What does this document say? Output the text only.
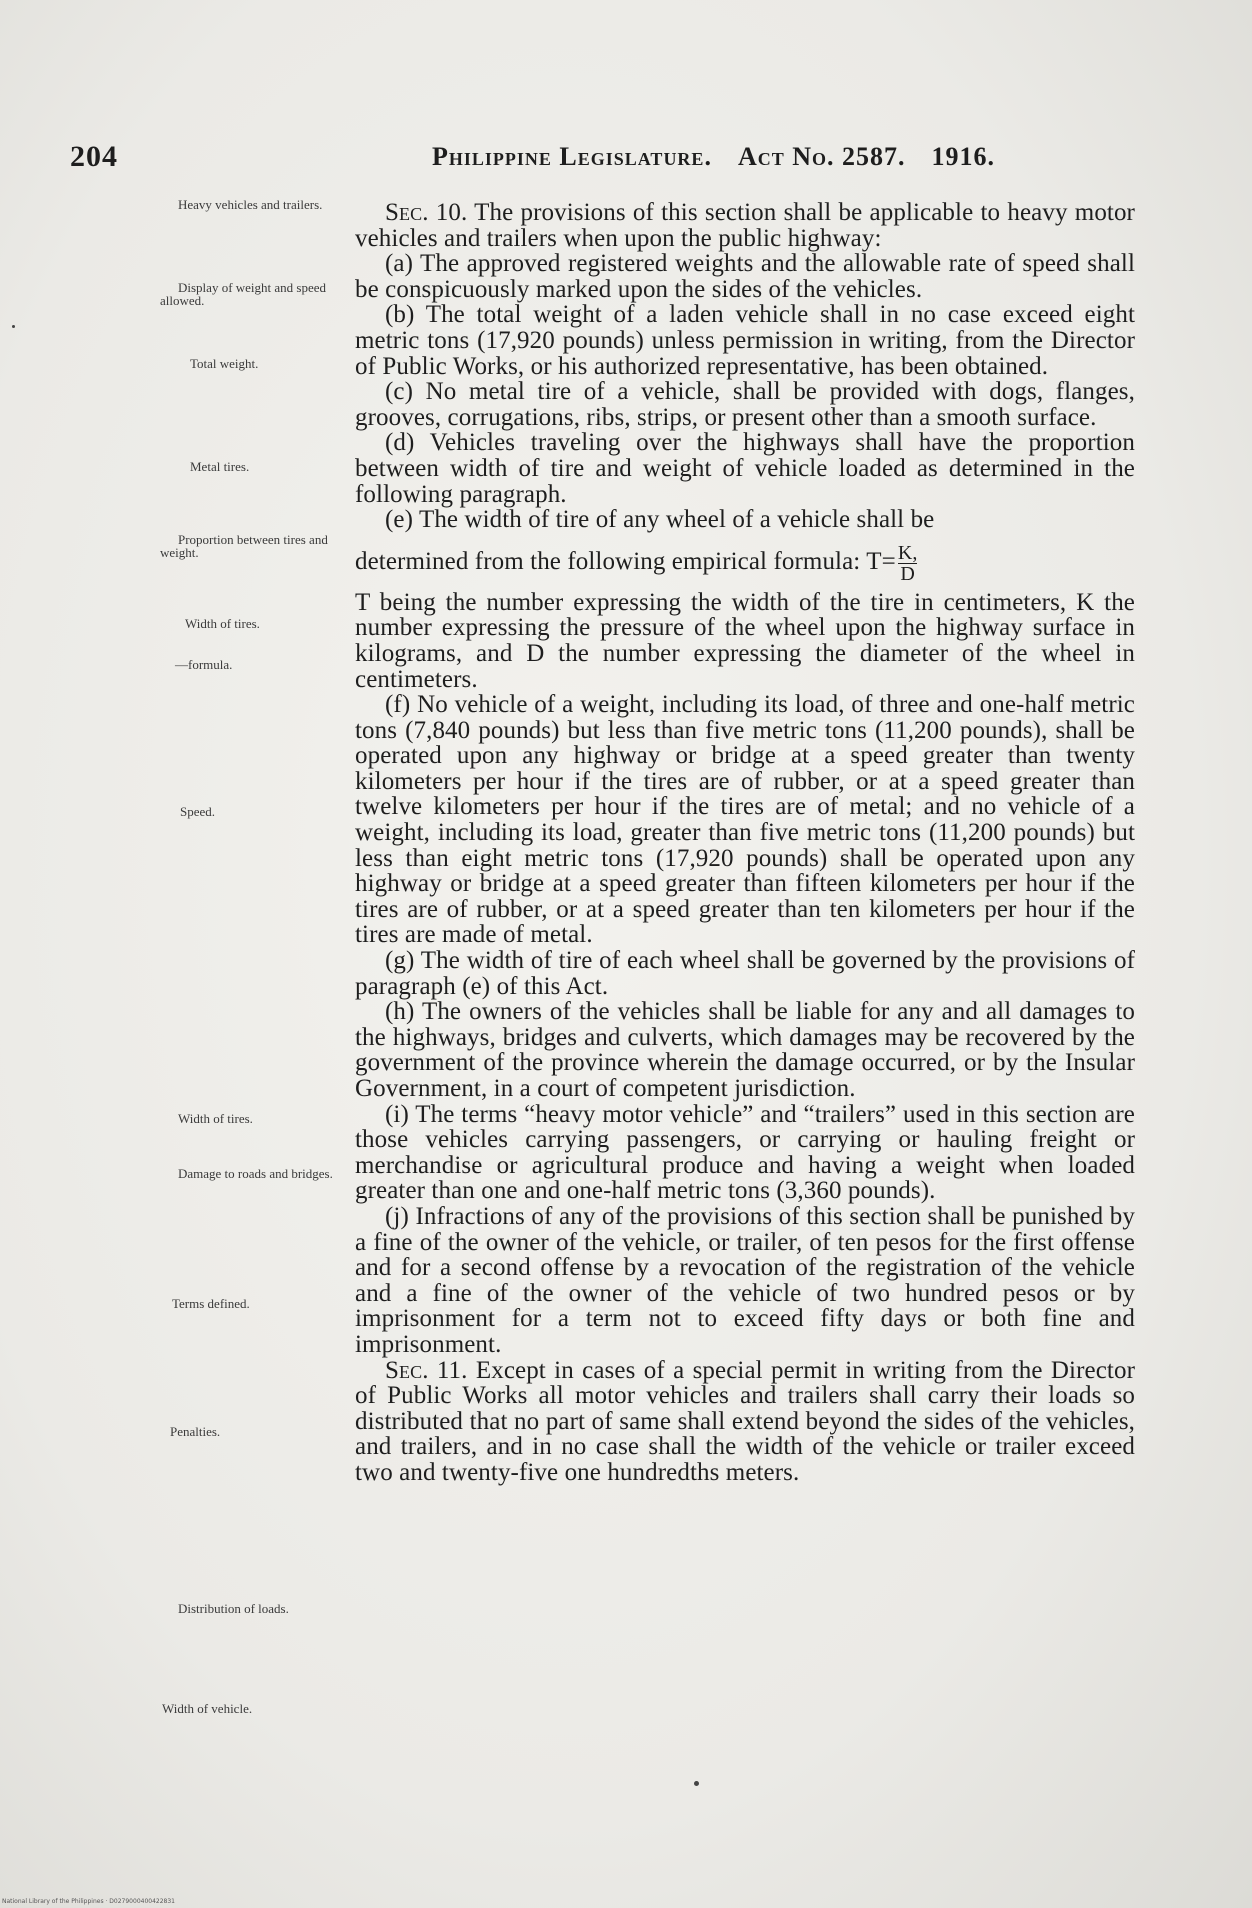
204	Philippine Legislature. Act No. 2587. 1916.
Heavy vehicles and trailers.
Display of weight and speed allowed.
Total weight.
Metal tires.
Proportion between tires and weight.
Width of tires.
—formula.
Speed.
Width of tires.
Damage to roads and bridges.
Terms defined.
Penalties.
Distribution of loads.
Width of vehicle.

Sec. 10. The provisions of this section shall be applicable to heavy motor vehicles and trailers when upon the public highway:

(a) The approved registered weights and the allowable rate of speed shall be conspicuously marked upon the sides of the vehicles.

(b) The total weight of a laden vehicle shall in no case exceed eight metric tons (17,920 pounds) unless permission in writing, from the Director of Public Works, or his authorized representative, has been obtained.

(c) No metal tire of a vehicle, shall be provided with dogs, flanges, grooves, corrugations, ribs, strips, or present other than a smooth surface.

(d) Vehicles traveling over the highways shall have the proportion between width of tire and weight of vehicle loaded as determined in the following paragraph.

(e) The width of tire of any wheel of a vehicle shall be

determined from the following empirical formula: $T= \frac{K,}{D}$

T being the number expressing the width of the tire in centimeters, K the number expressing the pressure of the wheel upon the highway surface in kilograms, and D the number expressing the diameter of the wheel in centimeters.

(f) No vehicle of a weight, including its load, of three and one-half metric tons (7,840 pounds) but less than five metric tons (11,200 pounds), shall be operated upon any highway or bridge at a speed greater than twenty kilometers per hour if the tires are of rubber, or at a speed greater than twelve kilometers per hour if the tires are of metal; and no vehicle of a weight, including its load, greater than five metric tons (11,200 pounds) but less than eight metric tons (17,920 pounds) shall be operated upon any highway or bridge at a speed greater than fifteen kilometers per hour if the tires are of rubber, or at a speed greater than ten kilometers per hour if the tires are made of metal.

(g) The width of tire of each wheel shall be governed by the provisions of paragraph (e) of this Act.

(h) The owners of the vehicles shall be liable for any and all damages to the highways, bridges and culverts, which damages may be recovered by the government of the province wherein the damage occurred, or by the Insular Government, in a court of competent jurisdiction.

(i) The terms “heavy motor vehicle” and “trailers” used in this section are those vehicles carrying passengers, or carrying or hauling freight or merchandise or agricultural produce and having a weight when loaded greater than one and one-half metric tons (3,360 pounds).

(j) Infractions of any of the provisions of this section shall be punished by a fine of the owner of the vehicle, or trailer, of ten pesos for the first offense and for a second offense by a revocation of the registration of the vehicle and a fine of the owner of the vehicle of two hundred pesos or by imprisonment for a term not to exceed fifty days or both fine and imprisonment.

Sec. 11. Except in cases of a special permit in writing from the Director of Public Works all motor vehicles and trailers shall carry their loads so distributed that no part of same shall extend beyond the sides of the vehicles, and trailers, and in no case shall the width of the vehicle or trailer exceed two and twenty-five one hundredths meters.

National Library of the Philippines · D0279000400422831
